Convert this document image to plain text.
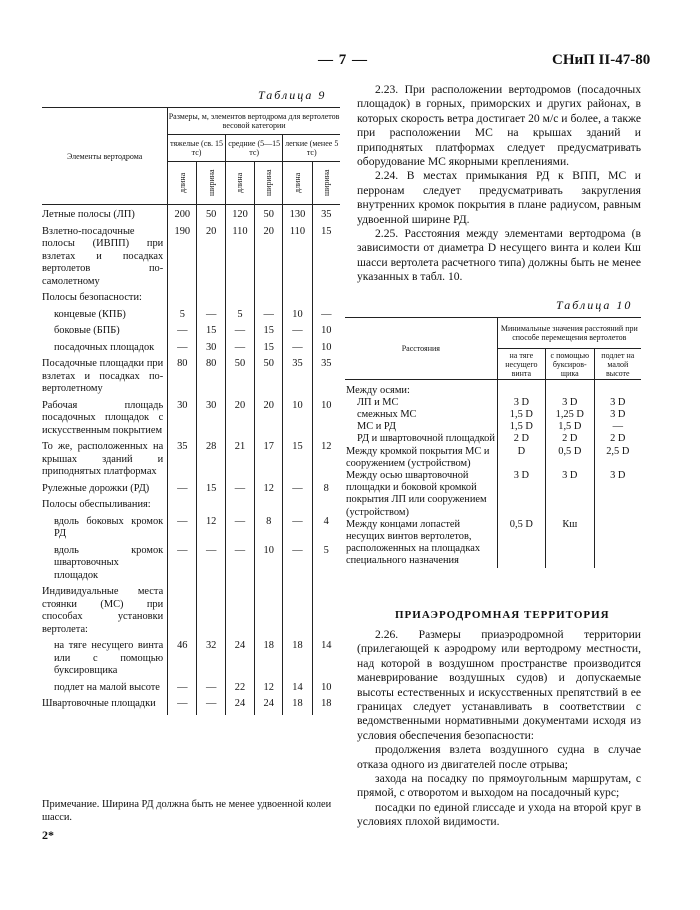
— 7 —	СНиП II-47-80
Таблица 9
Элементы вертодрома	Размеры, м, элементов вертодрома для вертолетов весовой категории					
	тяжелые (св. 15 тс)		средние (5—15 тс)		легкие (менее 5 тс)	

	длина	ширина	длина	ширина	длина	ширина

Летные полосы (ЛП)	200	50	120	50	130	35
Взлетно-посадочные полосы (ИВПП) при взлетах и посадках вертолетов по-самолетному	190	20	110	20	110	15
Полосы безопасности:						
концевые (КПБ)	5	—	5	—	10	—
боковые (БПБ)	—	15	—	15	—	10
посадочных площадок	—	30	—	15	—	10
Посадочные площадки при взлетах и посадках по-вертолетному	80	80	50	50	35	35
Рабочая площадь посадочных площадок с искусственным покрытием	30	30	20	20	10	10
То же, расположенных на крышах зданий и приподнятых платформах	35	28	21	17	15	12
Рулежные дорожки (РД)	—	15	—	12	—	8
Полосы обеспыливания:						
вдоль боковых кромок РД	—	12	—	8	—	4
вдоль кромок швартовочных площадок	—	—	—	10	—	5
Индивидуальные места стоянки (МС) при способах установки вертолета:						
на тяге несущего винта или с помощью буксировщика	46	32	24	18	18	14
подлет на малой высоте	—	—	22	12	14	10
Швартовочные площадки	—	—	24	24	18	18
Примечание. Ширина РД должна быть не менее удвоенной колеи шасси.
2*

2.23. При расположении вертодромов (посадочных площадок) в горных, приморских и других районах, в которых скорость ветра достигает 20 м/с и более, а также при расположении МС на крышах зданий и приподнятых платформах следует предусматривать оборудование МС якорными креплениями.

2.24. В местах примыкания РД к ВПП, МС и перронам следует предусматривать закругления внутренних кромок покрытия в плане радиусом, равным удвоенной ширине РД.

2.25. Расстояния между элементами вертодрома (в зависимости от диаметра D несущего винта и колеи Кш шасси вертолета расчетного типа) должны быть не менее указанных в табл. 10.

Таблица 10
Расстояния	Минимальные значения расстояний при способе перемещения вертолетов		
	на тяге несущего винта	с помощью буксировщика	подлет на малой высоте

Между осями:			
ЛП и МС	3 D	3 D	3 D
смежных МС	1,5 D	1,25 D	3 D
МС и РД	1,5 D	1,5 D	—
РД и швартовочной площадкой	2 D	2 D	2 D
Между кромкой покрытия МС и сооружением (устройством)	D	0,5 D	2,5 D
Между осью швартовочной площадки и боковой кромкой покрытия ЛП или сооружением (устройством)	3 D	3 D	3 D
Между концами лопастей несущих винтов вертолетов, расположенных на площадках специального назначения	0,5 D	Кш	
ПРИАЭРОДРОМНАЯ ТЕРРИТОРИЯ

2.26. Размеры приаэродромной территории (прилегающей к аэродрому или вертодрому местности, над которой в воздушном пространстве производится маневрирование воздушных судов) и допускаемые высоты естественных и искусственных препятствий в ее границах следует устанавливать в соответствии с ведомственными нормативными документами исходя из условия обеспечения безопасности:

продолжения взлета воздушного судна в случае отказа одного из двигателей после отрыва;

захода на посадку по прямоугольным маршрутам, с прямой, с отворотом и выходом на посадочный курс;

посадки по единой глиссаде и ухода на второй круг в условиях плохой видимости.
